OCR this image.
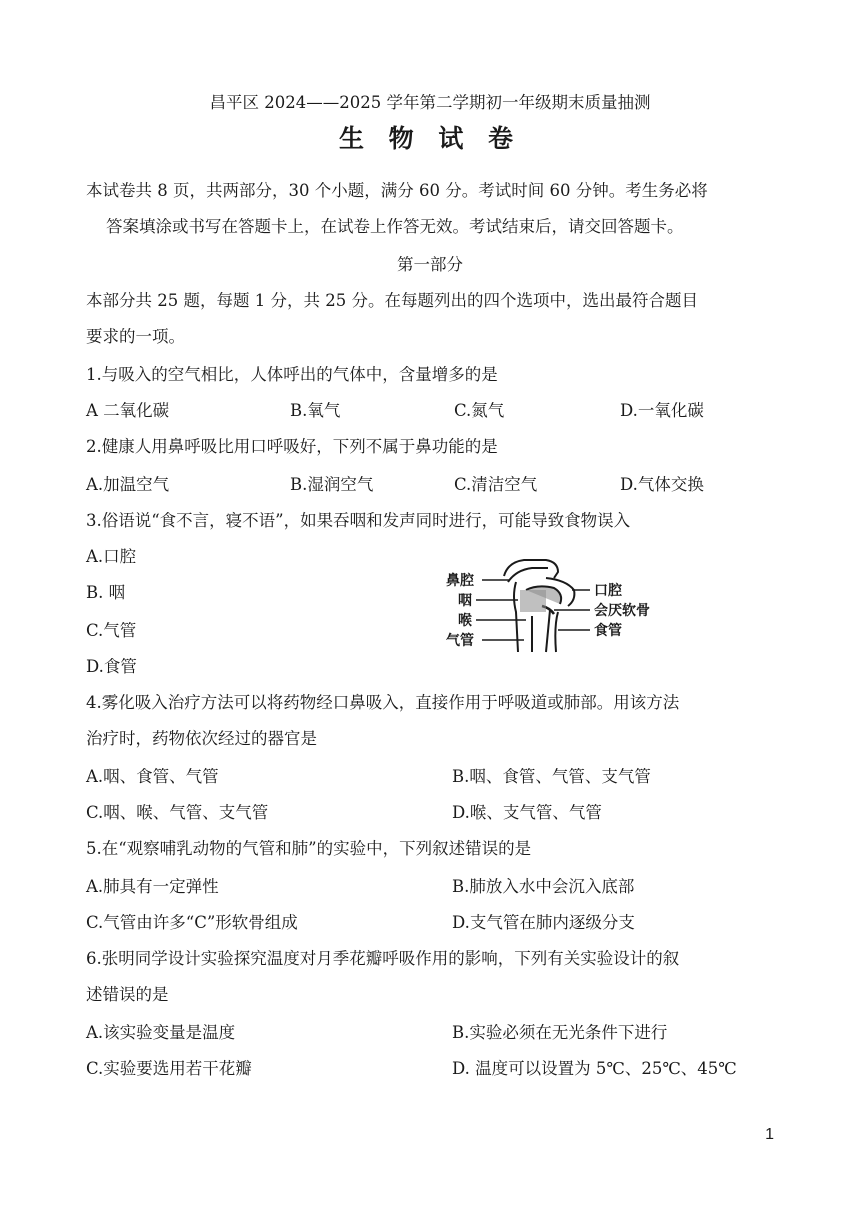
昌平区 2024——2025 学年第二学期初一年级期末质量抽测
生 物 试 卷
本试卷共 8 页，共两部分，30 个小题，满分 60 分。考试时间 60 分钟。考生务必将
答案填涂或书写在答题卡上，在试卷上作答无效。考试结束后，请交回答题卡。
第一部分
本部分共 25 题，每题 1 分，共 25 分。在每题列出的四个选项中，选出最符合题目
要求的一项。
1.与吸入的空气相比，人体呼出的气体中，含量增多的是
A 二氧化碳	B.氧气	C.氮气	D.一氧化碳
2.健康人用鼻呼吸比用口呼吸好，下列不属于鼻功能的是
A.加温空气	B.湿润空气	C.清洁空气	D.气体交换
3.俗语说“食不言，寝不语”，如果吞咽和发声同时进行，可能导致食物误入
A.口腔
B. 咽
C.气管
D.食管
鼻腔
咽
喉
气管
口腔
会厌软骨
食管
4.雾化吸入治疗方法可以将药物经口鼻吸入，直接作用于呼吸道或肺部。用该方法
治疗时，药物依次经过的器官是
A.咽、食管、气管	B.咽、食管、气管、支气管
C.咽、喉、气管、支气管	D.喉、支气管、气管
5.在“观察哺乳动物的气管和肺”的实验中，下列叙述错误的是
A.肺具有一定弹性	B.肺放入水中会沉入底部
C.气管由许多“C”形软骨组成	D.支气管在肺内逐级分支
6.张明同学设计实验探究温度对月季花瓣呼吸作用的影响，下列有关实验设计的叙
述错误的是
A.该实验变量是温度	B.实验必须在无光条件下进行
C.实验要选用若干花瓣	D. 温度可以设置为 5℃、25℃、45℃
1
